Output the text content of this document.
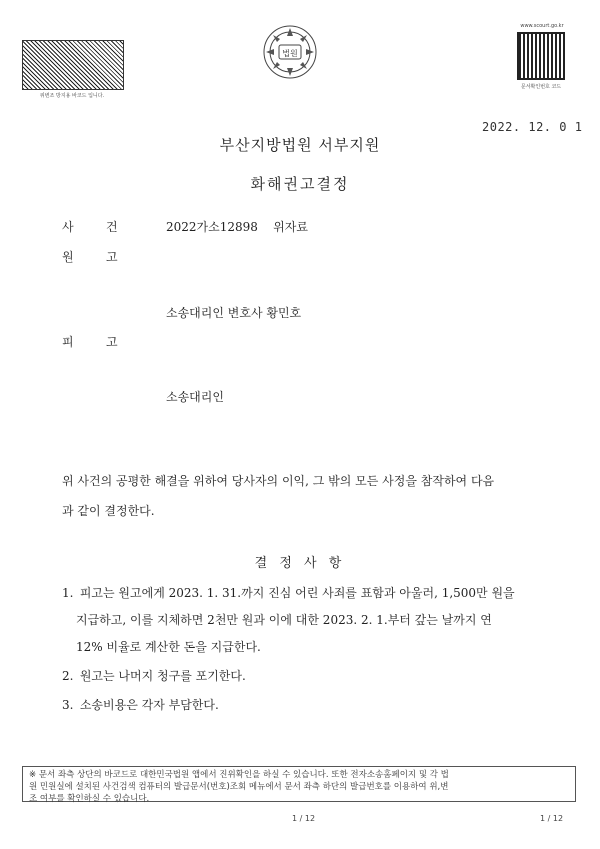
위변조 방지용 바코드 입니다.
법원
www.scourt.go.kr
문서확인번호 코드
2022. 12. 0 1
부산지방법원 서부지원
화해권고결정
사	건	2022가소12898    위자료
원	고
소송대리인 변호사 황민호
피	고
소송대리인
위 사건의 공평한 해결을 위하여 당사자의 이익, 그 밖의 모든 사정을 참작하여 다음
과 같이 결정한다.
결 정 사 항
1. 피고는 원고에게 2023. 1. 31.까지 진심 어린 사죄를 표함과 아울러, 1,500만 원을
지급하고, 이를 지체하면 2천만 원과 이에 대한 2023. 2. 1.부터 갚는 날까지 연
12% 비율로 계산한 돈을 지급한다.
2. 원고는 나머지 청구를 포기한다.
3. 소송비용은 각자 부담한다.
※ 문서 좌측 상단의 바코드로 대한민국법원 앱에서 진위확인을 하실 수 있습니다. 또한 전자소송홈페이지 및 각 법
원 민원실에 설치된 사건검색 컴퓨터의 발급문서(번호)조회 메뉴에서 문서 좌측 하단의 발급번호를 이용하여 위,변
조 여부를 확인하실 수 있습니다.
1 / 12	1 / 12
